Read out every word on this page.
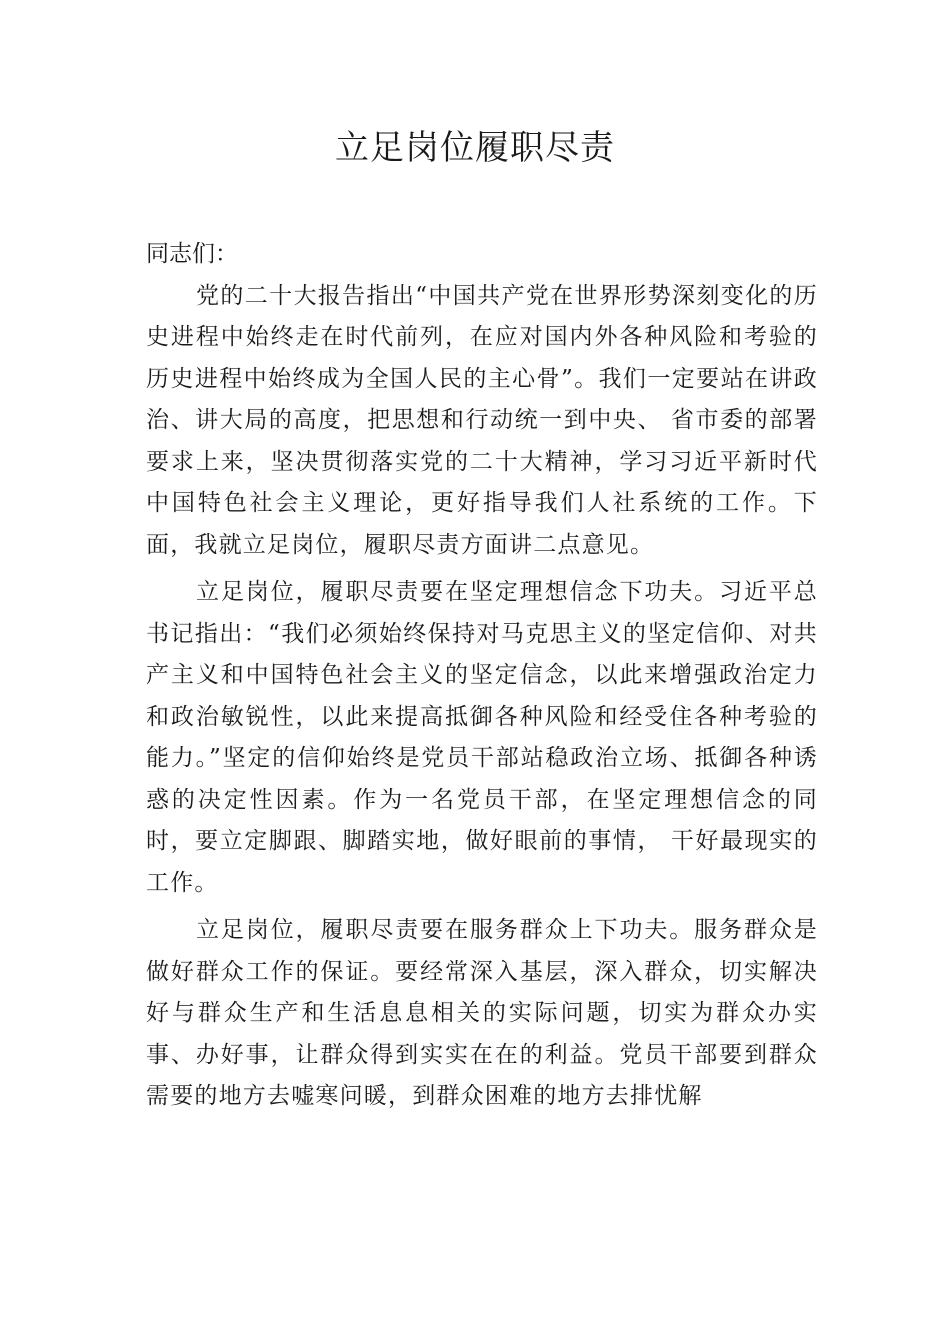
立足岗位履职尽责

同志们：

党的二十大报告指出“中国共产党在世界形势深刻变化的历史进程中始终走在时代前列，在应对国内外各种风险和考验的历史进程中始终成为全国人民的主心骨”。我们一定要站在讲政治、讲大局的高度，把思想和行动统一到中央、 省市委的部署要求上来，坚决贯彻落实党的二十大精神，学习习近平新时代中国特色社会主义理论，更好指导我们人社系统的工作。下面，我就立足岗位，履职尽责方面讲二点意见。

立足岗位，履职尽责要在坚定理想信念下功夫。习近平总书记指出：“我们必须始终保持对马克思主义的坚定信仰、对共产主义和中国特色社会主义的坚定信念，以此来增强政治定力和政治敏锐性，以此来提高抵御各种风险和经受住各种考验的能力。”坚定的信仰始终是党员干部站稳政治立场、抵御各种诱惑的决定性因素。作为一名党员干部，在坚定理想信念的同时，要立定脚跟、脚踏实地，做好眼前的事情， 干好最现实的工作。

立足岗位，履职尽责要在服务群众上下功夫。服务群众是做好群众工作的保证。要经常深入基层，深入群众，切实解决好与群众生产和生活息息相关的实际问题，切实为群众办实事、办好事，让群众得到实实在在的利益。党员干部要到群众需要的地方去嘘寒问暖，到群众困难的地方去排忧解
